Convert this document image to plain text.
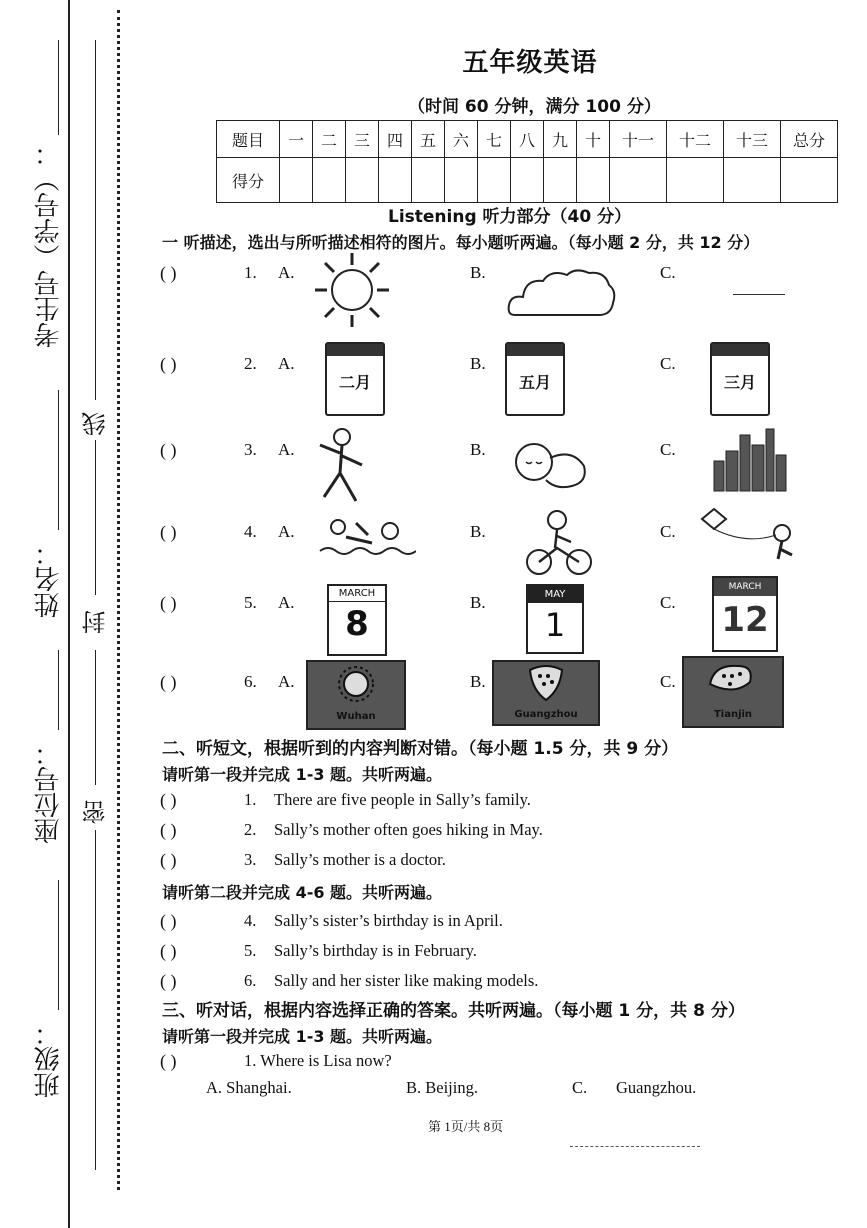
班级：
座位号：
姓名：
考生号（学号）：
线
封
密
五年级英语
（时间 60 分钟，满分 100 分）
题目	一	二	三	四	五	六	七	八	九	十	十一	十二	十三	总分
得分														
Listening 听力部分（40 分）
一 听描述，选出与所听描述相符的图片。每小题听两遍。（每小题 2 分，共 12 分）
( )	1. A.	B.	C.
( )	2. A.	B.	C.
二月	五月	三月
( )	3. A.	B.	C.
( )	4. A.	B.	C.
( )	5. A.	B.	C.
MARCH
8
MAY
1
MARCH
12
( )	6. A.	B.	C.
Wuhan	Guangzhou	Tianjin
二、听短文，根据听到的内容判断对错。（每小题 1.5 分，共 9 分）
请听第一段并完成 1-3 题。共听两遍。
( )	1. There are five people in Sally’s family.
( )	2. Sally’s mother often goes hiking in May.
( )	3. Sally’s mother is a doctor.
请听第二段并完成 4-6 题。共听两遍。
( )	4. Sally’s sister’s birthday is in April.
( )	5. Sally’s birthday is in February.
( )	6. Sally and her sister like making models.
三、听对话，根据内容选择正确的答案。共听两遍。（每小题 1 分，共 8 分）
请听第一段并完成 1-3 题。共听两遍。
( )	1. Where is Lisa now?
A. Shanghai.	B. Beijing.	C. Guangzhou.
第 1页/共 8页
